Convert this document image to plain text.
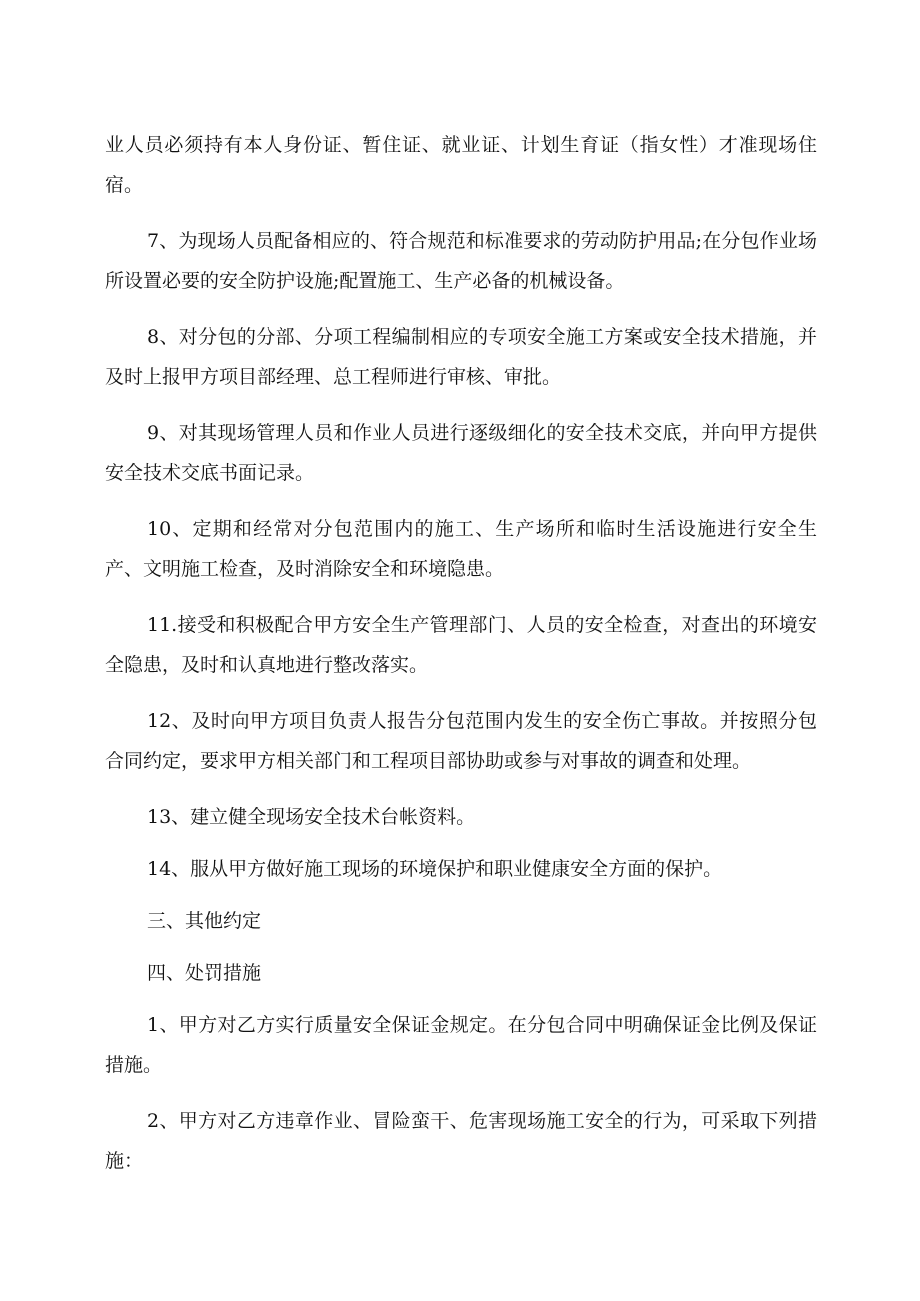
业人员必须持有本人身份证、暂住证、就业证、计划生育证（指女性）才准现场住宿。

7、为现场人员配备相应的、符合规范和标准要求的劳动防护用品;在分包作业场所设置必要的安全防护设施;配置施工、生产必备的机械设备。

8、对分包的分部、分项工程编制相应的专项安全施工方案或安全技术措施，并及时上报甲方项目部经理、总工程师进行审核、审批。

9、对其现场管理人员和作业人员进行逐级细化的安全技术交底，并向甲方提供安全技术交底书面记录。

10、定期和经常对分包范围内的施工、生产场所和临时生活设施进行安全生产、文明施工检查，及时消除安全和环境隐患。

11.接受和积极配合甲方安全生产管理部门、人员的安全检查，对查出的环境安全隐患，及时和认真地进行整改落实。

12、及时向甲方项目负责人报告分包范围内发生的安全伤亡事故。并按照分包合同约定，要求甲方相关部门和工程项目部协助或参与对事故的调查和处理。

13、建立健全现场安全技术台帐资料。

14、服从甲方做好施工现场的环境保护和职业健康安全方面的保护。

三、其他约定

四、处罚措施

1、甲方对乙方实行质量安全保证金规定。在分包合同中明确保证金比例及保证措施。

2、甲方对乙方违章作业、冒险蛮干、危害现场施工安全的行为，可采取下列措施：
